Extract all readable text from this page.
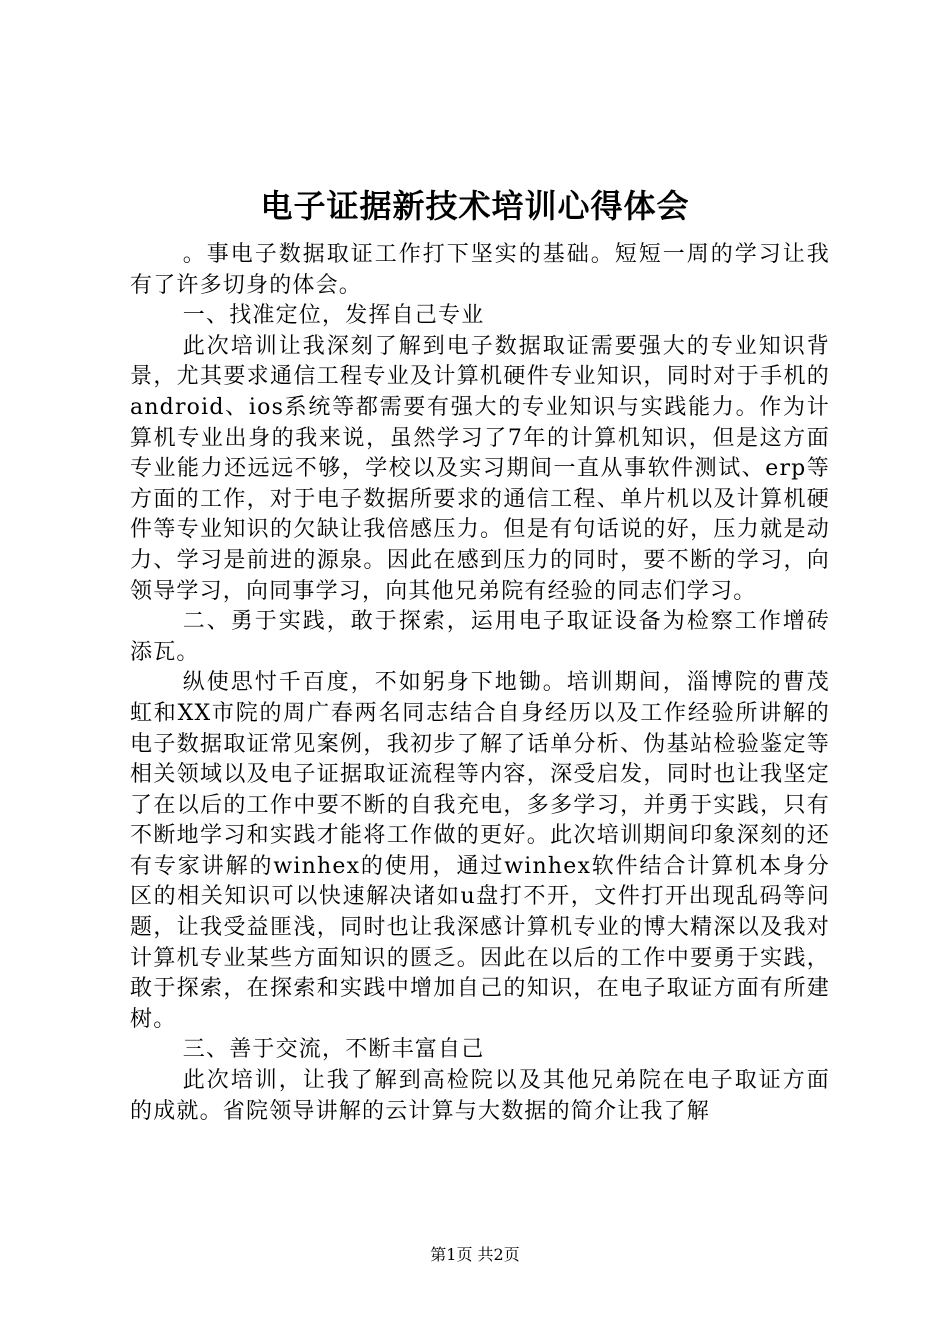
电子证据新技术培训心得体会

。事电子数据取证工作打下坚实的基础。短短一周的学习让我有了许多切身的体会。

一、找准定位，发挥自己专业

此次培训让我深刻了解到电子数据取证需要强大的专业知识背景，尤其要求通信工程专业及计算机硬件专业知识，同时对于手机的android、ios系统等都需要有强大的专业知识与实践能力。作为计算机专业出身的我来说，虽然学习了7年的计算机知识，但是这方面专业能力还远远不够，学校以及实习期间一直从事软件测试、erp等方面的工作，对于电子数据所要求的通信工程、单片机以及计算机硬件等专业知识的欠缺让我倍感压力。但是有句话说的好，压力就是动力、学习是前进的源泉。因此在感到压力的同时，要不断的学习，向领导学习，向同事学习，向其他兄弟院有经验的同志们学习。

二、勇于实践，敢于探索，运用电子取证设备为检察工作增砖添瓦。

纵使思忖千百度，不如躬身下地锄。培训期间，淄博院的曹茂虹和XX市院的周广春两名同志结合自身经历以及工作经验所讲解的电子数据取证常见案例，我初步了解了话单分析、伪基站检验鉴定等相关领域以及电子证据取证流程等内容，深受启发，同时也让我坚定了在以后的工作中要不断的自我充电，多多学习，并勇于实践，只有不断地学习和实践才能将工作做的更好。此次培训期间印象深刻的还有专家讲解的winhex的使用，通过winhex软件结合计算机本身分区的相关知识可以快速解决诸如u盘打不开，文件打开出现乱码等问题，让我受益匪浅，同时也让我深感计算机专业的博大精深以及我对计算机专业某些方面知识的匮乏。因此在以后的工作中要勇于实践，敢于探索，在探索和实践中增加自己的知识，在电子取证方面有所建树。

三、善于交流，不断丰富自己

此次培训，让我了解到高检院以及其他兄弟院在电子取证方面的成就。省院领导讲解的云计算与大数据的简介让我了解

第1页 共2页
